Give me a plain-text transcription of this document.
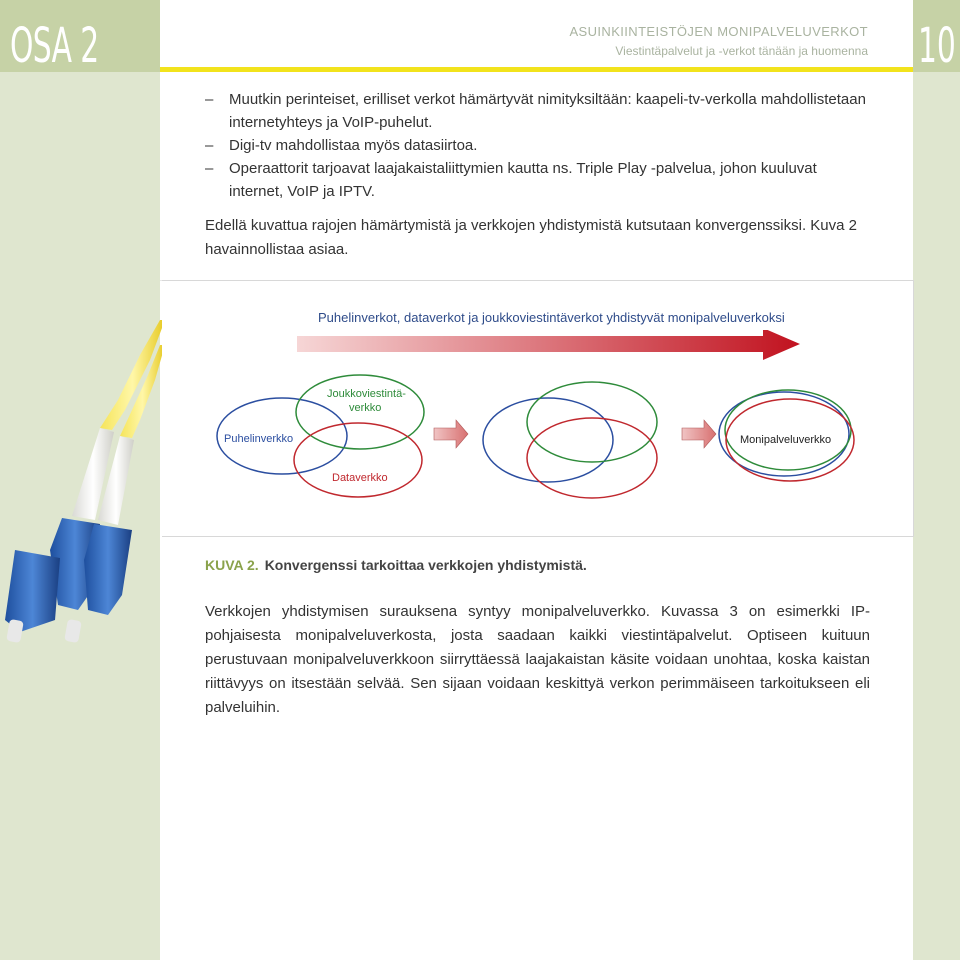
OSA 2	10
ASUINKIINTEISTÖJEN MONIPALVELUVERKOT
Viestintäpalvelut ja -verkot tänään ja huomenna

– Muutkin perinteiset, erilliset verkot hämärtyvät nimityksiltään: kaapeli-tv-verkolla mahdollistetaan internetyhteys ja VoIP-puhelut.

– Digi-tv mahdollistaa myös datasiirtoa.

– Operaattorit tarjoavat laajakaistaliittymien kautta ns. Triple Play -palvelua, johon kuuluvat internet, VoIP ja IPTV.

Edellä kuvattua rajojen hämärtymistä ja verkkojen yhdistymistä kutsutaan konvergenssiksi. Kuva 2 havainnollistaa asiaa.
Puhelinverkot, dataverkot ja joukkoviestintäverkot yhdistyvät monipalveluverkoksi
Joukkoviestintä-
verkko
Puhelinverkko
Dataverkko
Monipalveluverkko
KUVA 2. Konvergenssi tarkoittaa verkkojen yhdistymistä.
Verkkojen yhdistymisen surauksena syntyy monipalveluverkko. Kuvassa 3 on esimerkki IP-pohjaisesta monipalveluverkosta, josta saadaan kaikki viestintäpalvelut. Optiseen kuituun perustuvaan monipalveluverkkoon siirryttäessä laajakaistan käsite voidaan unohtaa, koska kaistan riittävyys on itsestään selvää. Sen sijaan voidaan keskittyä verkon perimmäiseen tarkoitukseen eli palveluihin.
